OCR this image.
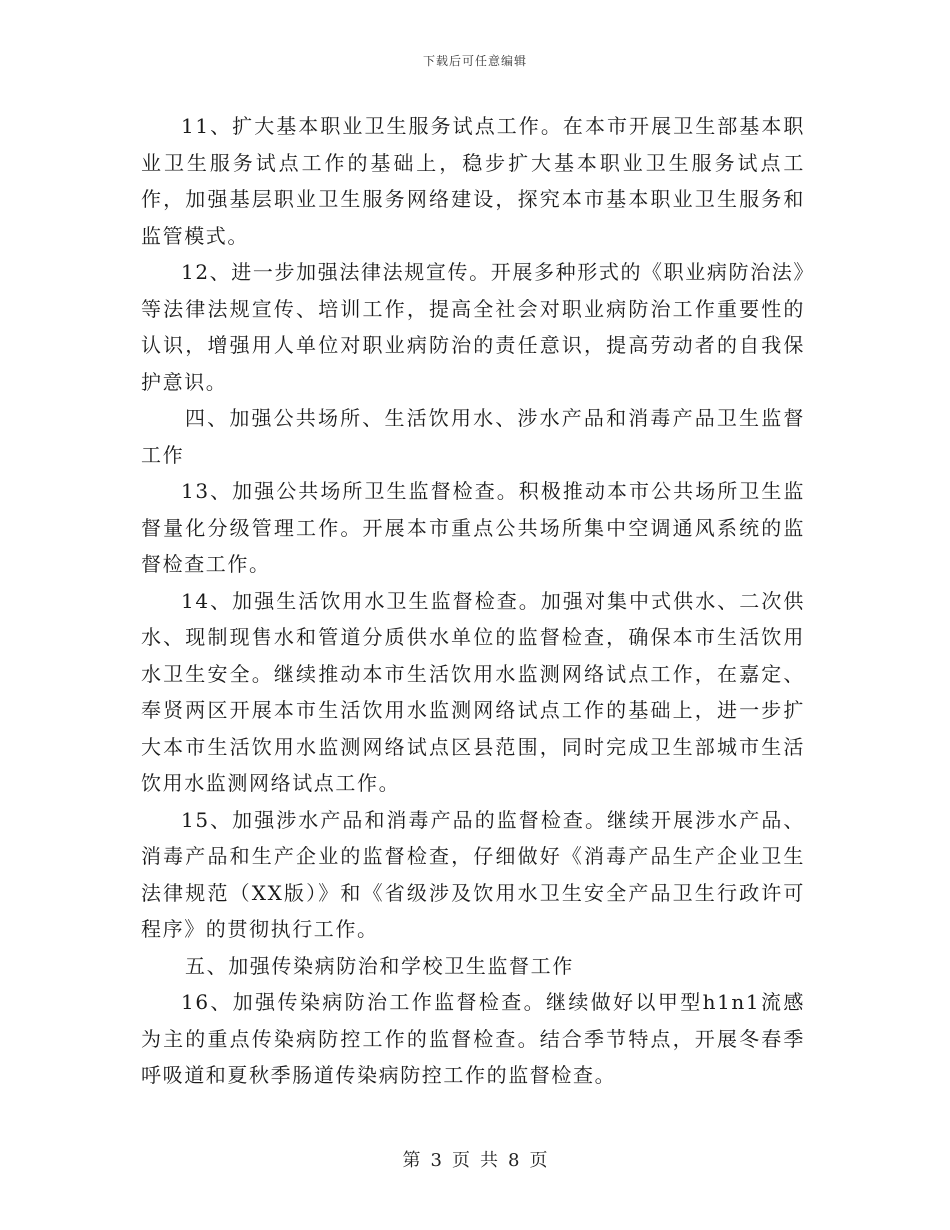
下载后可任意编辑

11、扩大基本职业卫生服务试点工作。在本市开展卫生部基本职业卫生服务试点工作的基础上，稳步扩大基本职业卫生服务试点工作，加强基层职业卫生服务网络建设，探究本市基本职业卫生服务和监管模式。

12、进一步加强法律法规宣传。开展多种形式的《职业病防治法》等法律法规宣传、培训工作，提高全社会对职业病防治工作重要性的认识，增强用人单位对职业病防治的责任意识，提高劳动者的自我保护意识。

四、加强公共场所、生活饮用水、涉水产品和消毒产品卫生监督工作

13、加强公共场所卫生监督检查。积极推动本市公共场所卫生监督量化分级管理工作。开展本市重点公共场所集中空调通风系统的监督检查工作。

14、加强生活饮用水卫生监督检查。加强对集中式供水、二次供水、现制现售水和管道分质供水单位的监督检查，确保本市生活饮用水卫生安全。继续推动本市生活饮用水监测网络试点工作，在嘉定、奉贤两区开展本市生活饮用水监测网络试点工作的基础上，进一步扩大本市生活饮用水监测网络试点区县范围，同时完成卫生部城市生活饮用水监测网络试点工作。

15、加强涉水产品和消毒产品的监督检查。继续开展涉水产品、消毒产品和生产企业的监督检查，仔细做好《消毒产品生产企业卫生法律规范（XX版）》和《省级涉及饮用水卫生安全产品卫生行政许可程序》的贯彻执行工作。

五、加强传染病防治和学校卫生监督工作

16、加强传染病防治工作监督检查。继续做好以甲型h1n1流感为主的重点传染病防控工作的监督检查。结合季节特点，开展冬春季呼吸道和夏秋季肠道传染病防控工作的监督检查。

第 3 页 共 8 页
